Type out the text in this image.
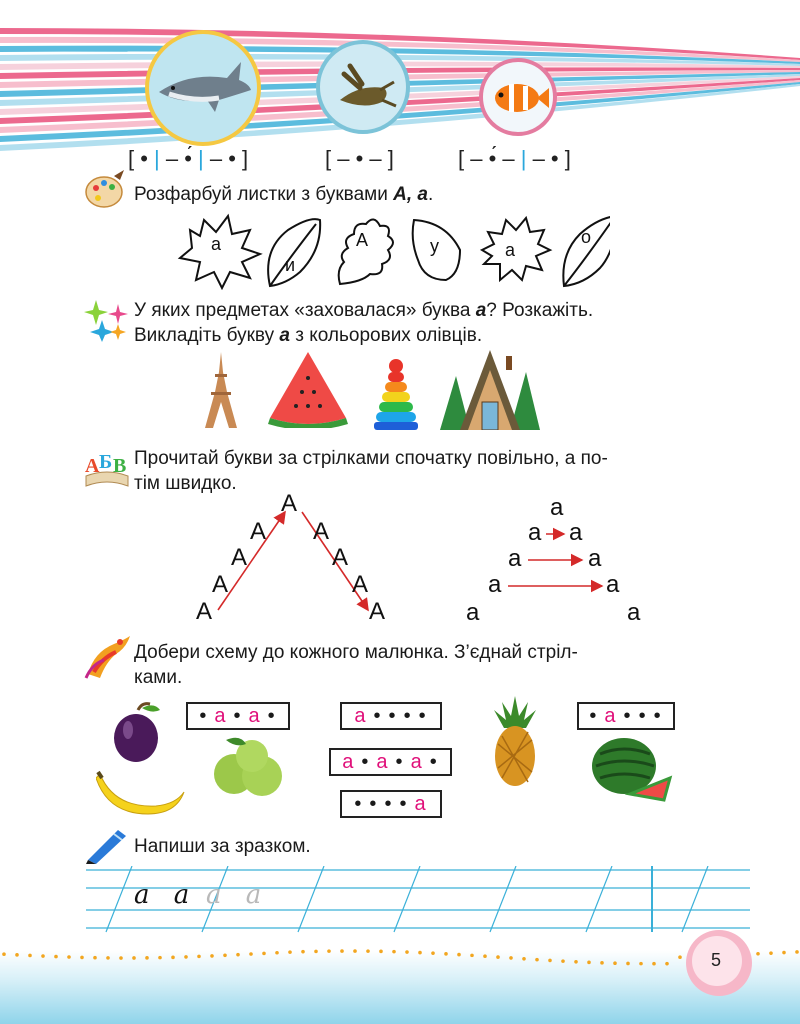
[ • | – •́ | – • ]	[ – • – ]	[ – •́ – | – • ]
Розфарбуй листки з буквами А, а.
а
и
А	у	а
о
У яких предметах «заховалася» буква а? Розкажіть.
Викладіть букву а з кольорових олівців.
А Б В Прочитай букви за стрілками спочатку повільно, а по-
тім швидко.
А
А А
А	А
А	А
А	А
а
а а
а	а
а	а
а	а
Добери схему до кожного малюнка. З’єднай стріл-
ками.
• а • а •	а • • • •
а • а • а •
• • • • а
• а • • •
Напиши за зразком.
а а а а
5
